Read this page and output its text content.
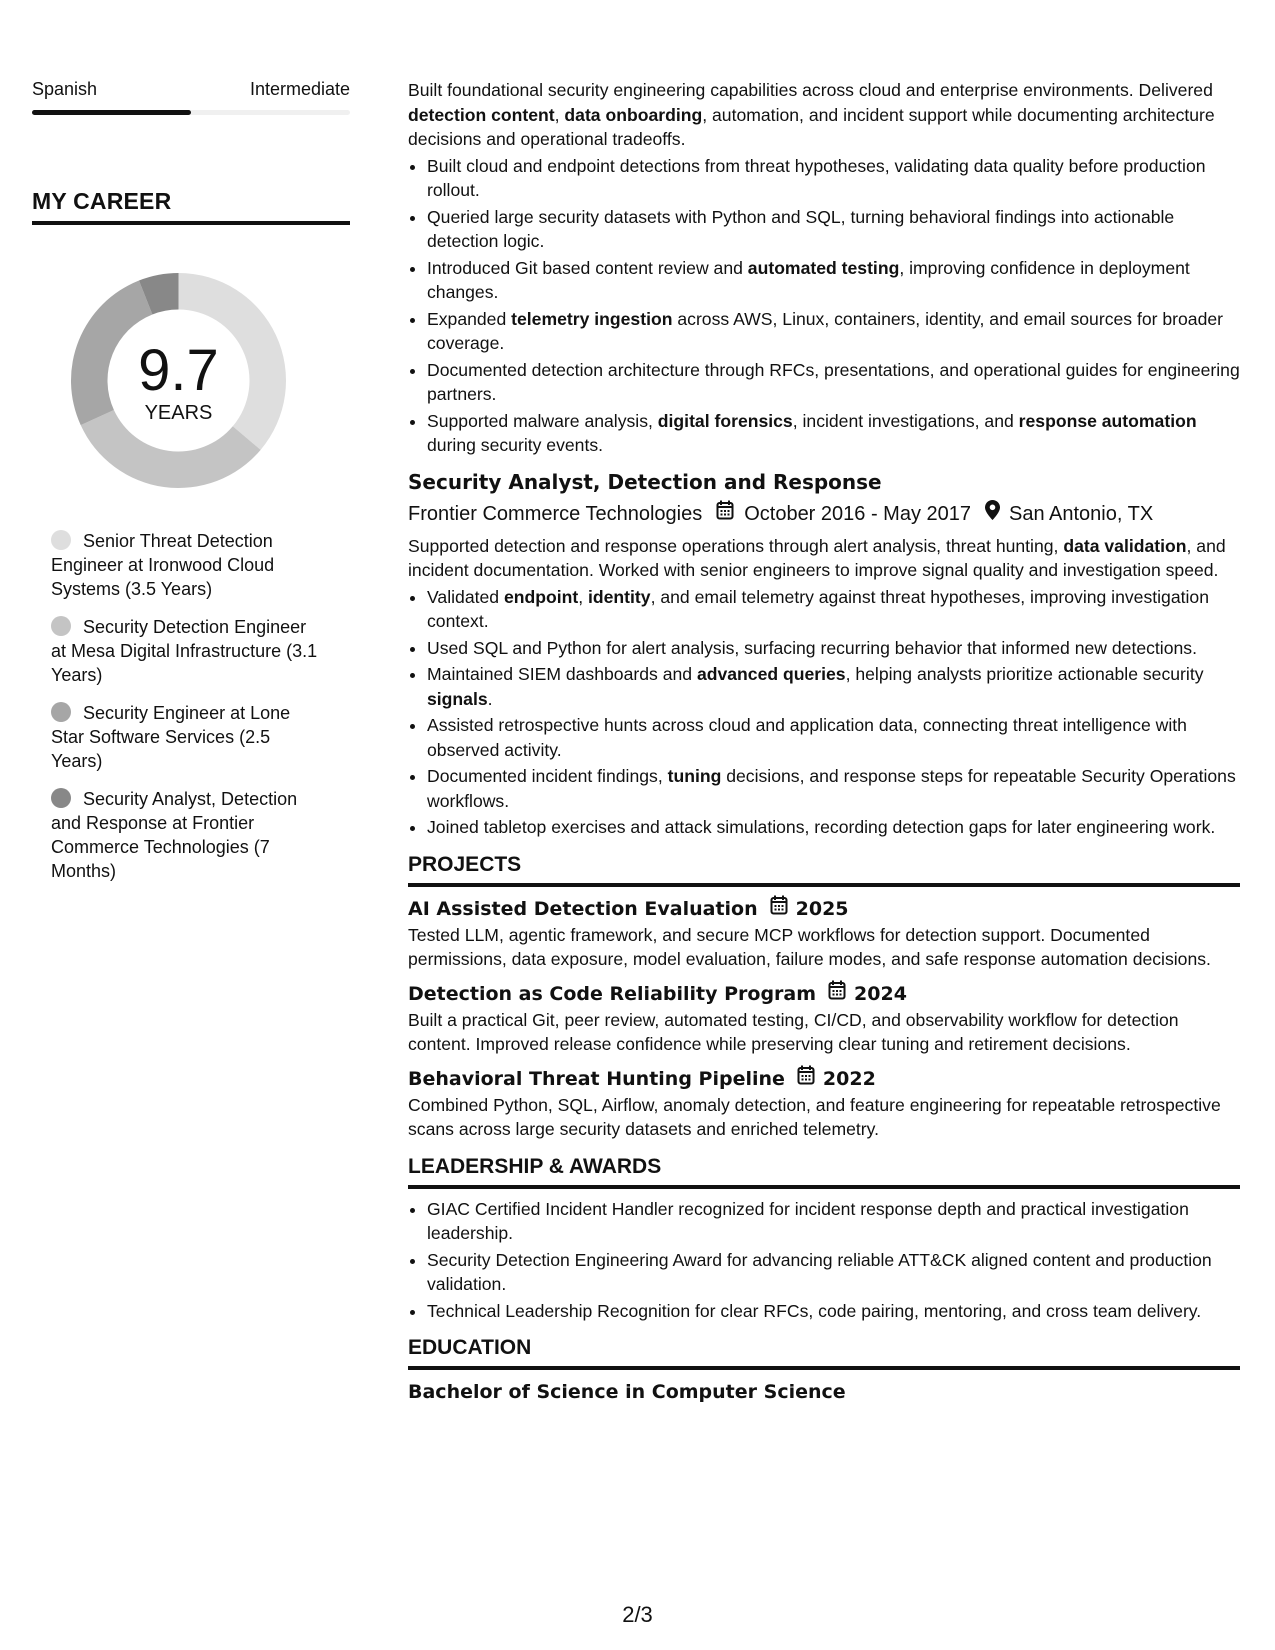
Spanish	Intermediate
MY CAREER
9.7
YEARS
Senior Threat Detection Engineer at Ironwood Cloud Systems (3.5 Years)
Security Detection Engineer at Mesa Digital Infrastructure (3.1 Years)
Security Engineer at Lone Star Software Services (2.5 Years)
Security Analyst, Detection and Response at Frontier Commerce Technologies (7 Months)

Built foundational security engineering capabilities across cloud and enterprise environments. Delivered detection content, data onboarding, automation, and incident support while documenting architecture decisions and operational tradeoffs.

• Built cloud and endpoint detections from threat hypotheses, validating data quality before production rollout.
• Queried large security datasets with Python and SQL, turning behavioral findings into actionable detection logic.
• Introduced Git based content review and automated testing, improving confidence in deployment changes.
• Expanded telemetry ingestion across AWS, Linux, containers, identity, and email sources for broader coverage.
• Documented detection architecture through RFCs, presentations, and operational guides for engineering partners.
• Supported malware analysis, digital forensics, incident investigations, and response automation during security events.
Security Analyst, Detection and Response
Frontier Commerce Technologies October 2016 - May 2017 San Antonio, TX

Supported detection and response operations through alert analysis, threat hunting, data validation, and incident documentation. Worked with senior engineers to improve signal quality and investigation speed.

• Validated endpoint, identity, and email telemetry against threat hypotheses, improving investigation context.
• Used SQL and Python for alert analysis, surfacing recurring behavior that informed new detections.
• Maintained SIEM dashboards and advanced queries, helping analysts prioritize actionable security signals.
• Assisted retrospective hunts across cloud and application data, connecting threat intelligence with observed activity.
• Documented incident findings, tuning decisions, and response steps for repeatable Security Operations workflows.
• Joined tabletop exercises and attack simulations, recording detection gaps for later engineering work.
PROJECTS
AI Assisted Detection Evaluation 2025

Tested LLM, agentic framework, and secure MCP workflows for detection support. Documented permissions, data exposure, model evaluation, failure modes, and safe response automation decisions.

Detection as Code Reliability Program 2024

Built a practical Git, peer review, automated testing, CI/CD, and observability workflow for detection content. Improved release confidence while preserving clear tuning and retirement decisions.

Behavioral Threat Hunting Pipeline 2022

Combined Python, SQL, Airflow, anomaly detection, and feature engineering for repeatable retrospective scans across large security datasets and enriched telemetry.

LEADERSHIP & AWARDS
• GIAC Certified Incident Handler recognized for incident response depth and practical investigation leadership.
• Security Detection Engineering Award for advancing reliable ATT&CK aligned content and production validation.
• Technical Leadership Recognition for clear RFCs, code pairing, mentoring, and cross team delivery.
EDUCATION
Bachelor of Science in Computer Science
2/3
